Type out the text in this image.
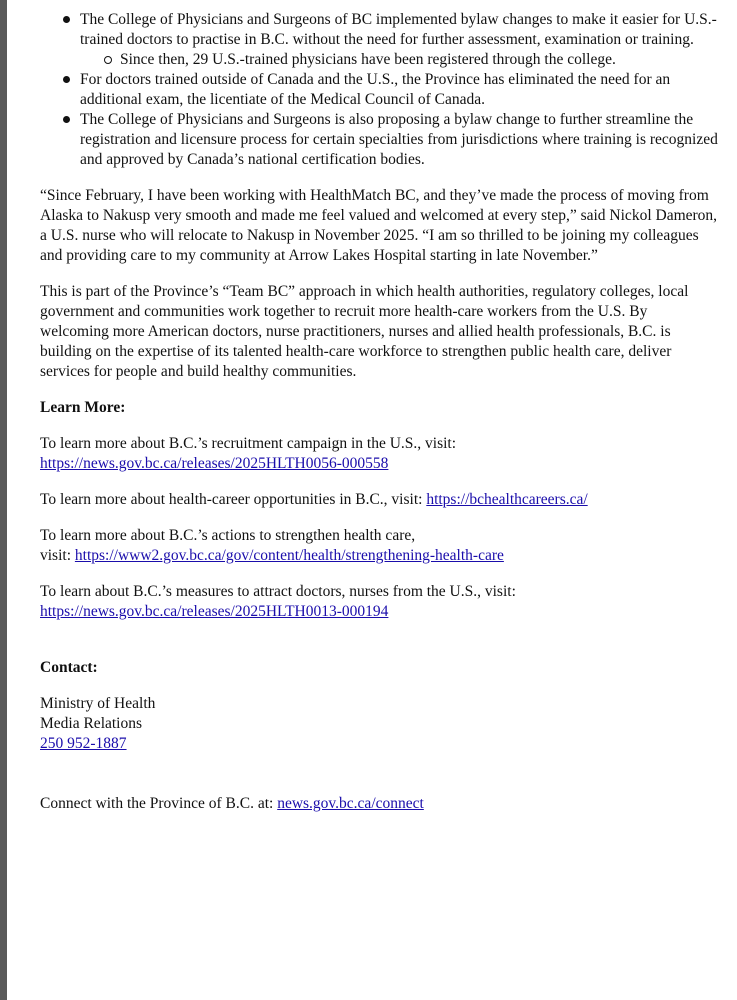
The College of Physicians and Surgeons of BC implemented bylaw changes to make it easier for U.S.-
trained doctors to practise in B.C. without the need for further assessment, examination or training.
Since then, 29 U.S.-trained physicians have been registered through the college.
For doctors trained outside of Canada and the U.S., the Province has eliminated the need for an
additional exam, the licentiate of the Medical Council of Canada.
The College of Physicians and Surgeons is also proposing a bylaw change to further streamline the
registration and licensure process for certain specialties from jurisdictions where training is recognized
and approved by Canada’s national certification bodies.

“Since February, I have been working with HealthMatch BC, and they’ve made the process of moving from
Alaska to Nakusp very smooth and made me feel valued and welcomed at every step,” said Nickol Dameron,
a U.S. nurse who will relocate to Nakusp in November 2025. “I am so thrilled to be joining my colleagues
and providing care to my community at Arrow Lakes Hospital starting in late November.”

This is part of the Province’s “Team BC” approach in which health authorities, regulatory colleges, local
government and communities work together to recruit more health-care workers from the U.S. By
welcoming more American doctors, nurse practitioners, nurses and allied health professionals, B.C. is
building on the expertise of its talented health-care workforce to strengthen public health care, deliver
services for people and build healthy communities.

Learn More:

To learn more about B.C.’s recruitment campaign in the U.S., visit:
https://news.gov.bc.ca/releases/2025HLTH0056-000558

To learn more about health-career opportunities in B.C., visit: https://bchealthcareers.ca/

To learn more about B.C.’s actions to strengthen health care,
visit: https://www2.gov.bc.ca/gov/content/health/strengthening-health-care

To learn about B.C.’s measures to attract doctors, nurses from the U.S., visit:
https://news.gov.bc.ca/releases/2025HLTH0013-000194

Contact:

Ministry of Health
Media Relations
250 952-1887

Connect with the Province of B.C. at: news.gov.bc.ca/connect
